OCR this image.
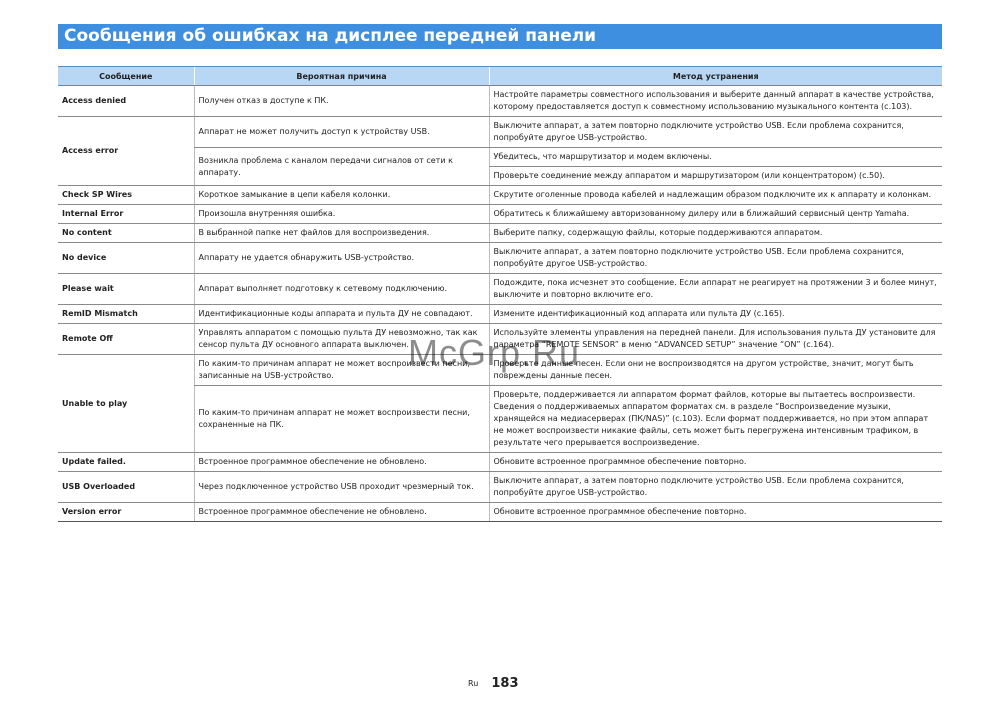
Сообщения об ошибках на дисплее передней панели
Сообщение	Вероятная причина	Метод устранения
Access denied	Получен отказ в доступе к ПК.	Настройте параметры совместного использования и выберите данный аппарат в качестве устройства, которому предоставляется доступ к совместному использованию музыкального контента (с.103).
Access error	Аппарат не может получить доступ к устройству USB.	Выключите аппарат, а затем повторно подключите устройство USB. Если проблема сохранится, попробуйте другое USB-устройство.
	Возникла проблема с каналом передачи сигналов от сети к аппарату.	Убедитесь, что маршрутизатор и модем включены.
		Проверьте соединение между аппаратом и маршрутизатором (или концентратором) (с.50).
Check SP Wires	Короткое замыкание в цепи кабеля колонки.	Скрутите оголенные провода кабелей и надлежащим образом подключите их к аппарату и колонкам.
Internal Error	Произошла внутренняя ошибка.	Обратитесь к ближайшему авторизованному дилеру или в ближайший сервисный центр Yamaha.
No content	В выбранной папке нет файлов для воспроизведения.	Выберите папку, содержащую файлы, которые поддерживаются аппаратом.
No device	Аппарату не удается обнаружить USB-устройство.	Выключите аппарат, а затем повторно подключите устройство USB. Если проблема сохранится, попробуйте другое USB-устройство.
Please wait	Аппарат выполняет подготовку к сетевому подключению.	Подождите, пока исчезнет это сообщение. Если аппарат не реагирует на протяжении 3 и более минут, выключите и повторно включите его.
RemID Mismatch	Идентификационные коды аппарата и пульта ДУ не совпадают.	Измените идентификационный код аппарата или пульта ДУ (с.165).
Remote Off	Управлять аппаратом с помощью пульта ДУ невозможно, так как сенсор пульта ДУ основного аппарата выключен.	Используйте элементы управления на передней панели. Для использования пульта ДУ установите для параметра “REMOTE SENSOR” в меню “ADVANCED SETUP” значение “ON” (с.164).
Unable to play	По каким-то причинам аппарат не может воспроизвести песни, записанные на USB-устройство.	Проверьте данные песен. Если они не воспроизводятся на другом устройстве, значит, могут быть повреждены данные песен.
	По каким-то причинам аппарат не может воспроизвести песни, сохраненные на ПК.	Проверьте, поддерживается ли аппаратом формат файлов, которые вы пытаетесь воспроизвести. Сведения о поддерживаемых аппаратом форматах см. в разделе “Воспроизведение музыки, хранящейся на медиасерверах (ПК/NAS)” (с.103). Если формат поддерживается, но при этом аппарат не может воспроизвести никакие файлы, сеть может быть перегружена интенсивным трафиком, в результате чего прерывается воспроизведение.
Update failed.	Встроенное программное обеспечение не обновлено.	Обновите встроенное программное обеспечение повторно.
USB Overloaded	Через подключенное устройство USB проходит чрезмерный ток.	Выключите аппарат, а затем повторно подключите устройство USB. Если проблема сохранится, попробуйте другое USB-устройство.
Version error	Встроенное программное обеспечение не обновлено.	Обновите встроенное программное обеспечение повторно.
McGrp.Ru
Ru 183
